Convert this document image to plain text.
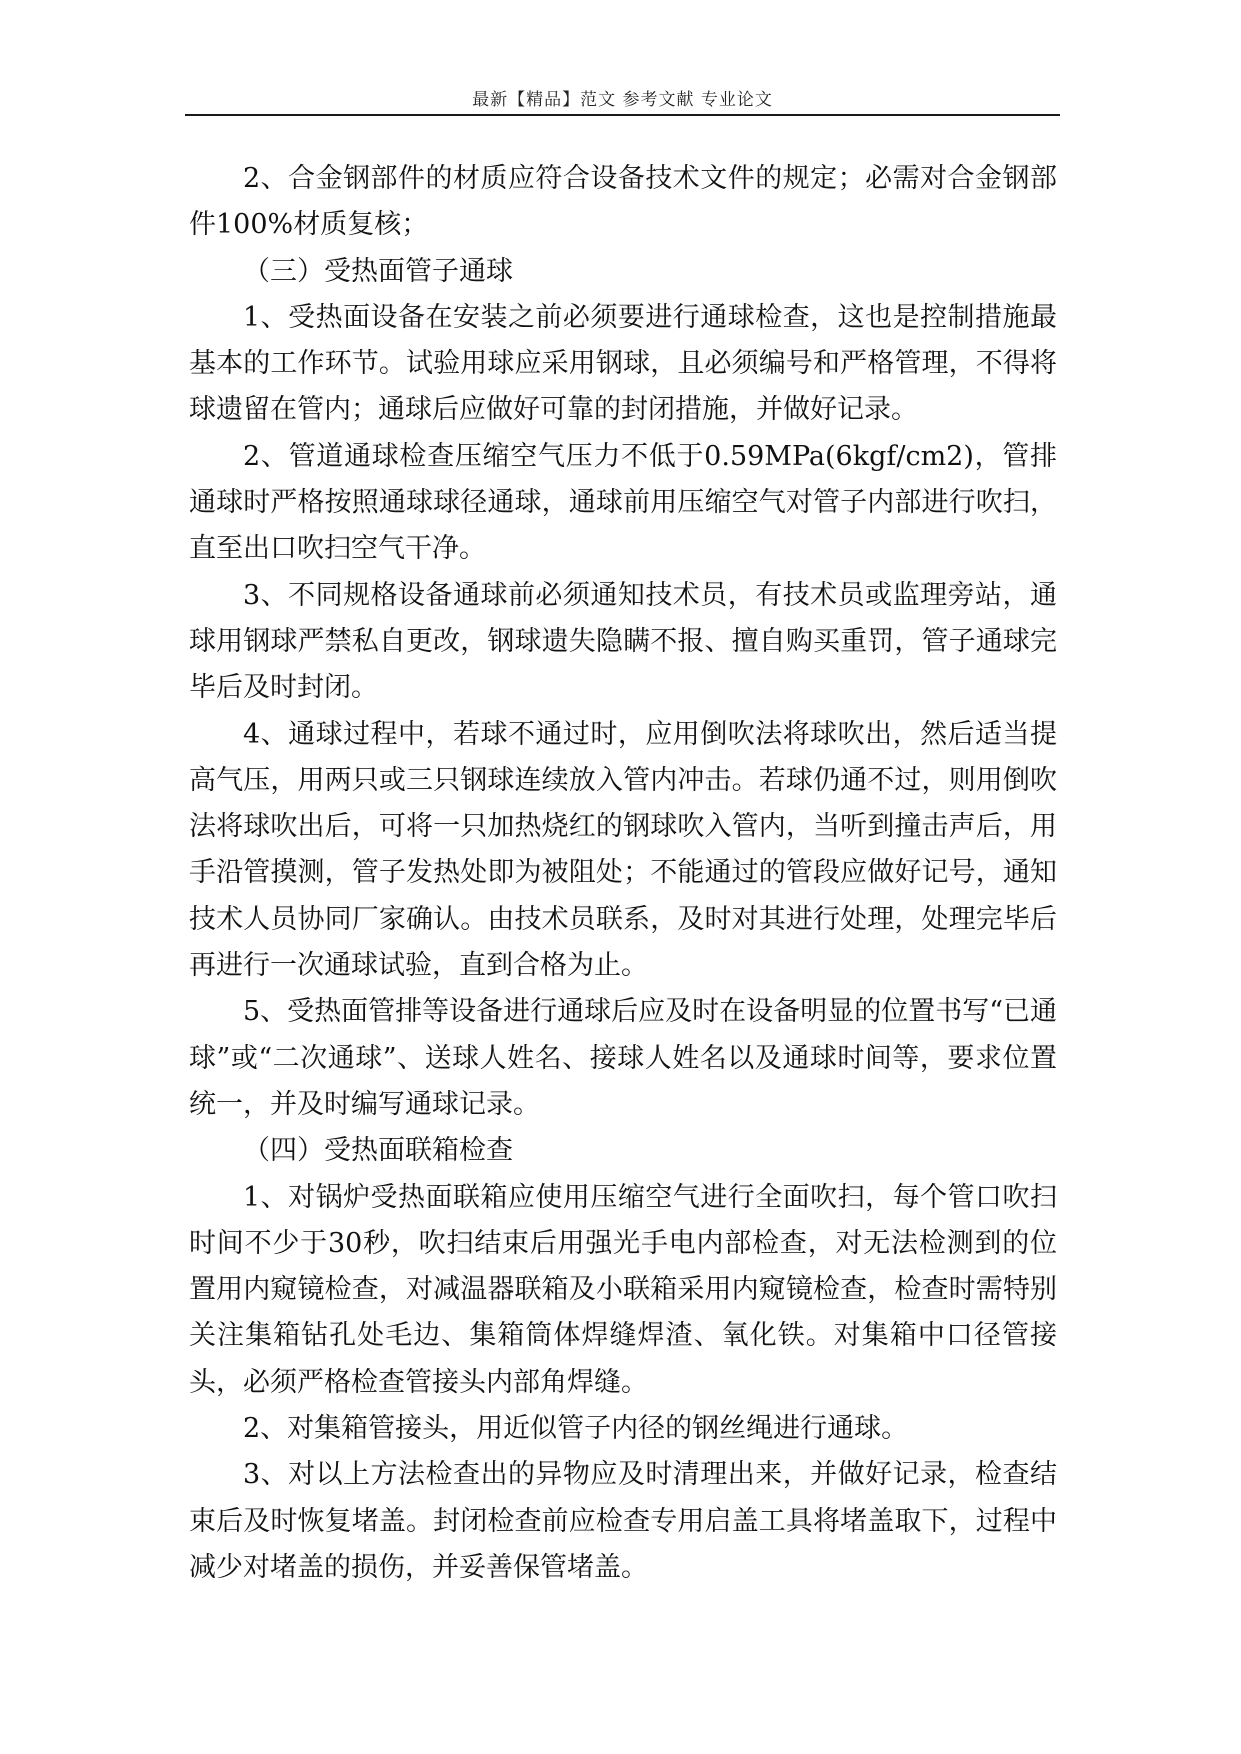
最新【精品】范文 参考文献 专业论文

2、合金钢部件的材质应符合设备技术文件的规定；必需对合金钢部件100%材质复核；

（三）受热面管子通球

1、受热面设备在安装之前必须要进行通球检查，这也是控制措施最基本的工作环节。试验用球应采用钢球，且必须编号和严格管理，不得将球遗留在管内；通球后应做好可靠的封闭措施，并做好记录。

2、管道通球检查压缩空气压力不低于0.59MPa(6kgf/cm2)，管排通球时严格按照通球球径通球，通球前用压缩空气对管子内部进行吹扫，直至出口吹扫空气干净。

3、不同规格设备通球前必须通知技术员，有技术员或监理旁站，通球用钢球严禁私自更改，钢球遗失隐瞒不报、擅自购买重罚，管子通球完毕后及时封闭。

4、通球过程中，若球不通过时，应用倒吹法将球吹出，然后适当提高气压，用两只或三只钢球连续放入管内冲击。若球仍通不过，则用倒吹法将球吹出后，可将一只加热烧红的钢球吹入管内，当听到撞击声后，用手沿管摸测，管子发热处即为被阻处；不能通过的管段应做好记号，通知技术人员协同厂家确认。由技术员联系，及时对其进行处理，处理完毕后再进行一次通球试验，直到合格为止。

5、受热面管排等设备进行通球后应及时在设备明显的位置书写“已通球”或“二次通球”、送球人姓名、接球人姓名以及通球时间等，要求位置统一，并及时编写通球记录。

（四）受热面联箱检查

1、对锅炉受热面联箱应使用压缩空气进行全面吹扫，每个管口吹扫时间不少于30秒，吹扫结束后用强光手电内部检查，对无法检测到的位置用内窥镜检查，对减温器联箱及小联箱采用内窥镜检查，检查时需特别关注集箱钻孔处毛边、集箱筒体焊缝焊渣、氧化铁。对集箱中口径管接头，必须严格检查管接头内部角焊缝。

2、对集箱管接头，用近似管子内径的钢丝绳进行通球。

3、对以上方法检查出的异物应及时清理出来，并做好记录，检查结束后及时恢复堵盖。封闭检查前应检查专用启盖工具将堵盖取下，过程中减少对堵盖的损伤，并妥善保管堵盖。
